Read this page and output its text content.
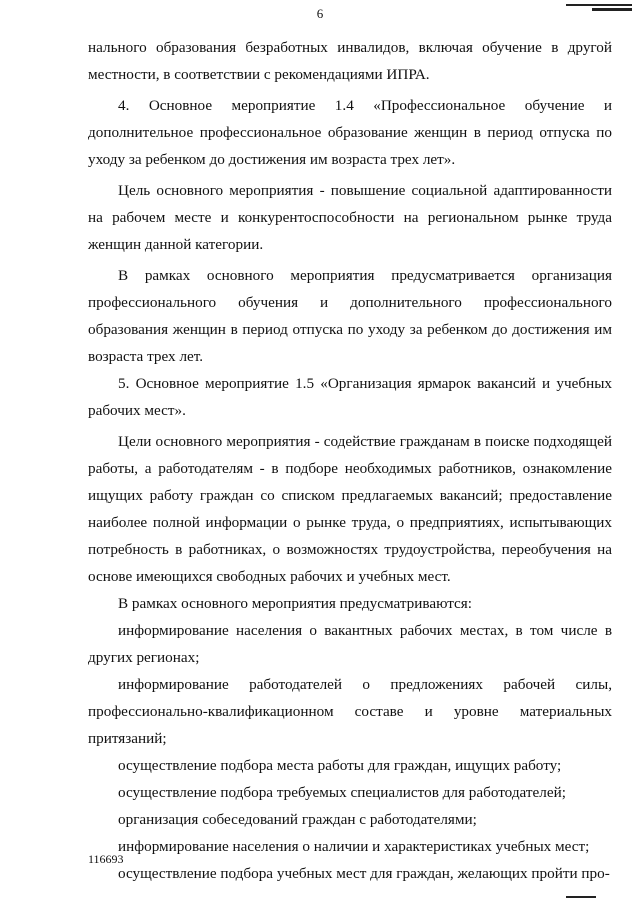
6

нального образования безработных инвалидов, включая обучение в другой местности, в соответствии с рекомендациями ИПРА.

4. Основное мероприятие 1.4 «Профессиональное обучение и дополнительное профессиональное образование женщин в период отпуска по уходу за ребенком до достижения им возраста трех лет».

Цель основного мероприятия - повышение социальной адаптированности на рабочем месте и конкурентоспособности на региональном рынке труда женщин данной категории.

В рамках основного мероприятия предусматривается организация профессионального обучения и дополнительного профессионального образования женщин в период отпуска по уходу за ребенком до достижения им возраста трех лет.

5. Основное мероприятие 1.5 «Организация ярмарок вакансий и учебных рабочих мест».

Цели основного мероприятия - содействие гражданам в поиске подходящей работы, а работодателям - в подборе необходимых работников, ознакомление ищущих работу граждан со списком предлагаемых вакансий; предоставление наиболее полной информации о рынке труда, о предприятиях, испытывающих потребность в работниках, о возможностях трудоустройства, переобучения на основе имеющихся свободных рабочих и учебных мест.

В рамках основного мероприятия предусматриваются:

информирование населения о вакантных рабочих местах, в том числе в других регионах;

информирование работодателей о предложениях рабочей силы, профессионально-квалификационном составе и уровне материальных притязаний;

осуществление подбора места работы для граждан, ищущих работу;

осуществление подбора требуемых специалистов для работодателей;

организация собеседований граждан с работодателями;

информирование населения о наличии и характеристиках учебных мест;

осуществление подбора учебных мест для граждан, желающих пройти про-

116693
